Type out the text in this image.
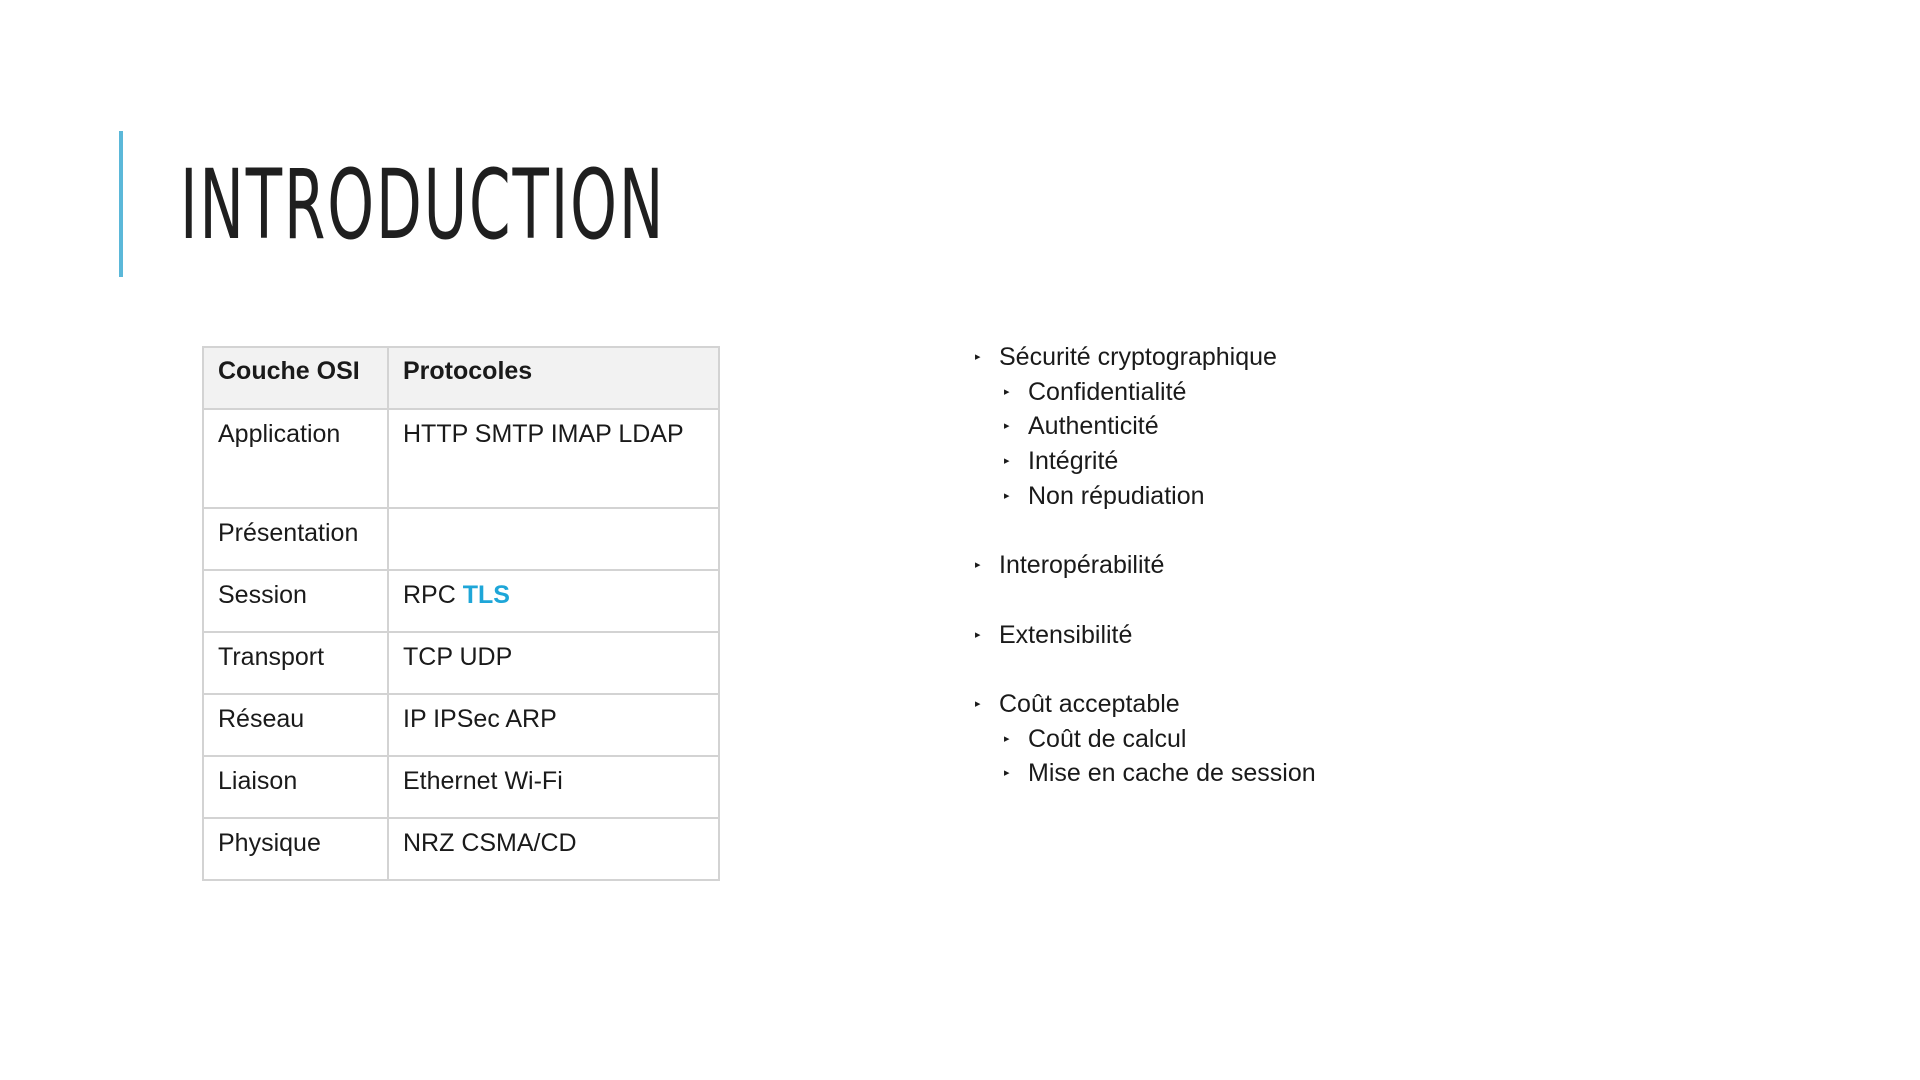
INTRODUCTION
Couche OSI	Protocoles
Application	HTTP SMTP IMAP LDAP
Présentation	
Session	RPC TLS
Transport	TCP UDP
Réseau	IP IPSec ARP
Liaison	Ethernet Wi-Fi
Physique	NRZ CSMA/CD
▸ Sécurité cryptographique
▸ Confidentialité
▸ Authenticité
▸ Intégrité
▸ Non répudiation
▸ Interopérabilité
▸ Extensibilité
▸ Coût acceptable
▸ Coût de calcul
▸ Mise en cache de session
